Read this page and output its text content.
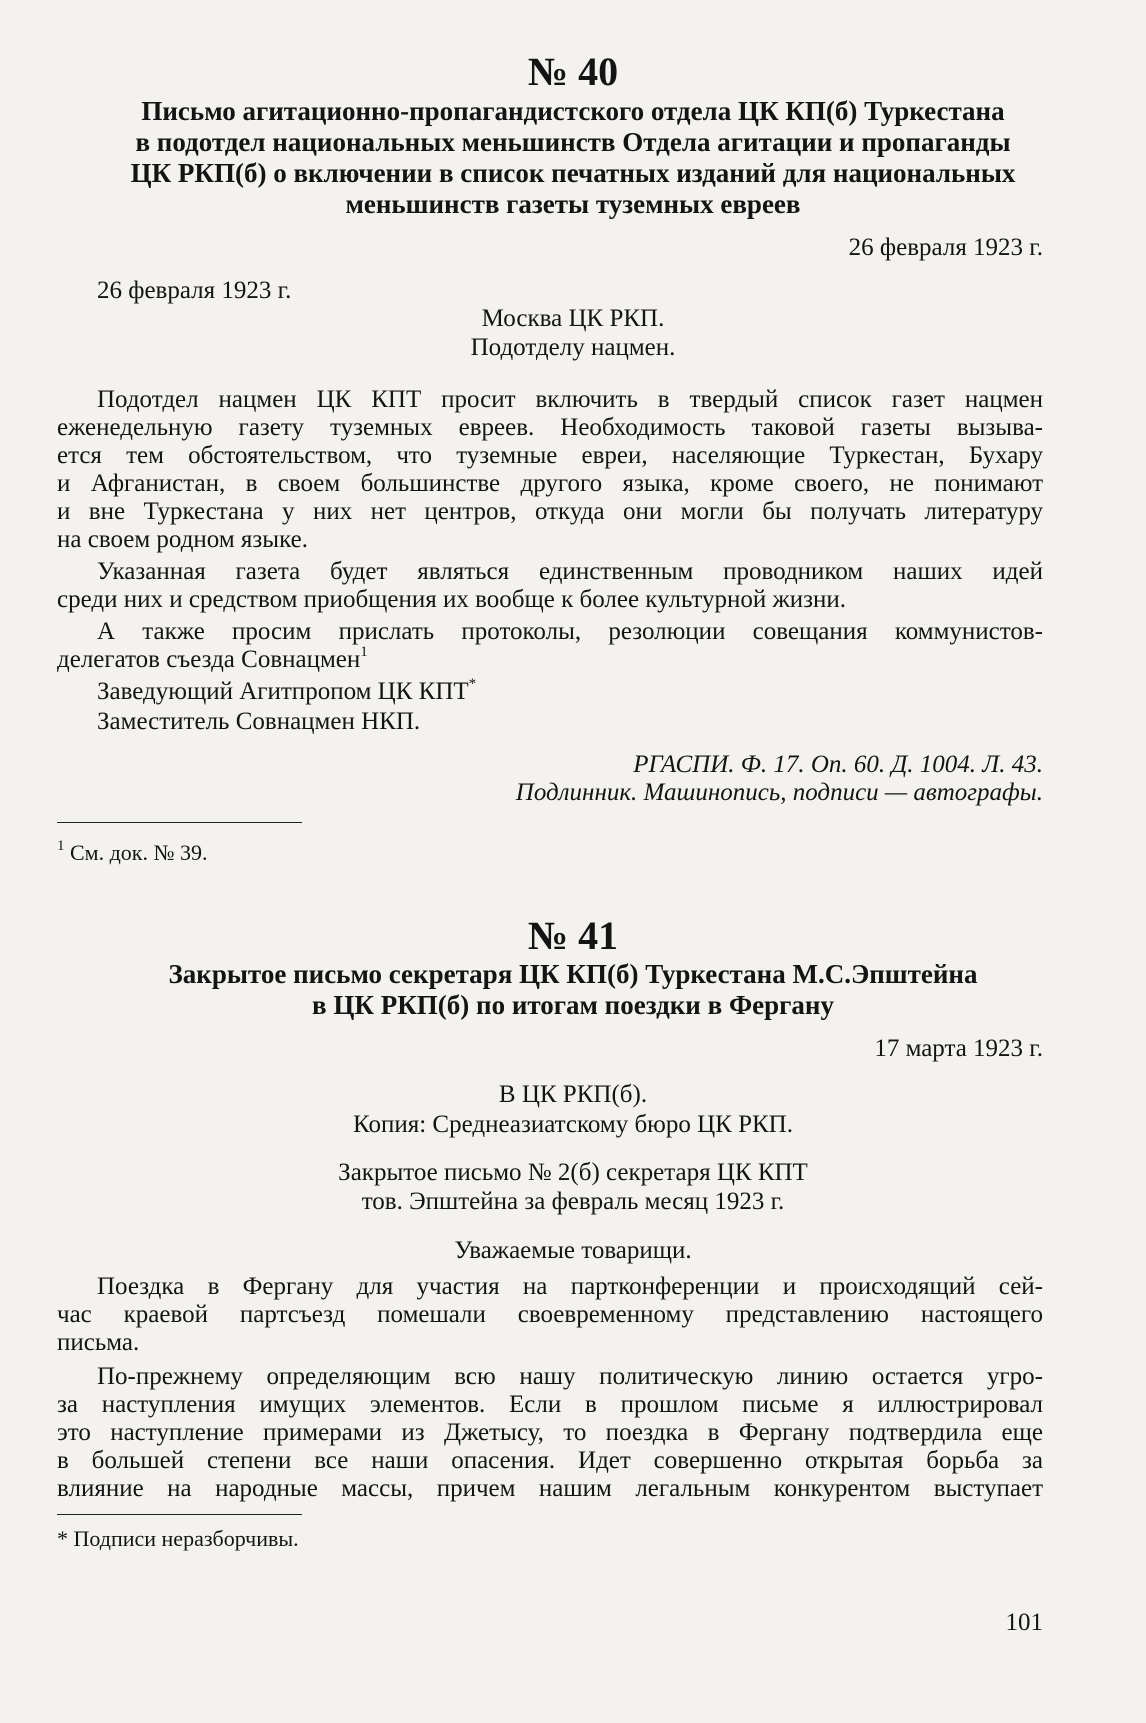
№ 40
Письмо агитационно-пропагандистского отдела ЦК КП(б) Туркестана
в подотдел национальных меньшинств Отдела агитации и пропаганды
ЦК РКП(б) о включении в список печатных изданий для национальных
меньшинств газеты туземных евреев
26 февраля 1923 г.
26 февраля 1923 г.
Москва ЦК РКП.
Подотделу нацмен.
Подотдел нацмен ЦК КПТ просит включить в твердый список газет нацмен
еженедельную газету туземных евреев. Необходимость таковой газеты вызыва-
ется тем обстоятельством, что туземные евреи, населяющие Туркестан, Бухару
и Афганистан, в своем большинстве другого языка, кроме своего, не понимают
и вне Туркестана у них нет центров, откуда они могли бы получать литературу
на своем родном языке.
Указанная газета будет являться единственным проводником наших идей
среди них и средством приобщения их вообще к более культурной жизни.
А также просим прислать протоколы, резолюции совещания коммунистов-
делегатов съезда Совнацмен$^1$
Заведующий Агитпропом ЦК КПТ*
Заместитель Совнацмен НКП.
РГАСПИ. Ф. 17. Оп. 60. Д. 1004. Л. 43.
Подлинник. Машинопись, подписи — автографы.
$^1$ См. док. № 39.
№ 41
Закрытое письмо секретаря ЦК КП(б) Туркестана М.С.Эпштейна
в ЦК РКП(б) по итогам поездки в Фергану
17 марта 1923 г.
В ЦК РКП(б).
Копия: Среднеазиатскому бюро ЦК РКП.
Закрытое письмо № 2(б) секретаря ЦК КПТ
тов. Эпштейна за февраль месяц 1923 г.
Уважаемые товарищи.
Поездка в Фергану для участия на партконференции и происходящий сей-
час краевой партсъезд помешали своевременному представлению настоящего
письма.
По-прежнему определяющим всю нашу политическую линию остается угро-
за наступления имущих элементов. Если в прошлом письме я иллюстрировал
это наступление примерами из Джетысу, то поездка в Фергану подтвердила еще
в большей степени все наши опасения. Идет совершенно открытая борьба за
влияние на народные массы, причем нашим легальным конкурентом выступает
* Подписи неразборчивы.
101
